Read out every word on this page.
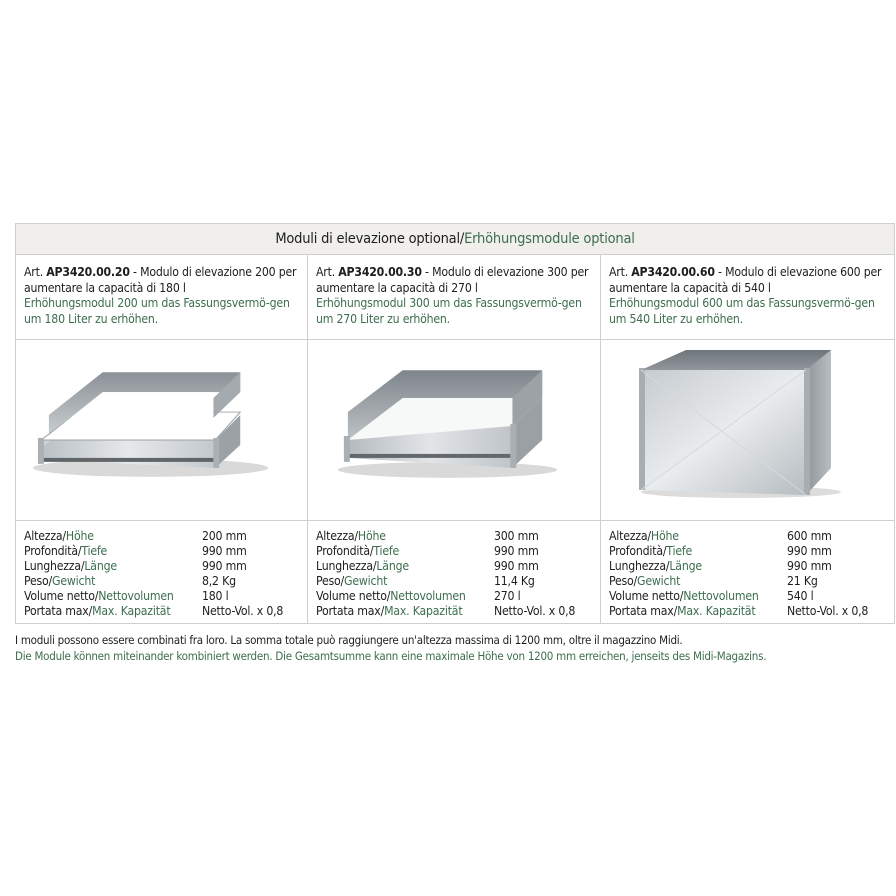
Moduli di elevazione optional/Erhöhungsmodule optional
Art. AP3420.00.20 - Modulo di elevazione 200 per aumentare la capacità di 180 l
Erhöhungsmodul 200 um das Fassungsvermö-gen um 180 Liter zu erhöhen.
Art. AP3420.00.30 - Modulo di elevazione 300 per aumentare la capacità di 270 l
Erhöhungsmodul 300 um das Fassungsvermö-gen um 270 Liter zu erhöhen.
Art. AP3420.00.60 - Modulo di elevazione 600 per aumentare la capacità di 540 l
Erhöhungsmodul 600 um das Fassungsvermö-gen um 540 Liter zu erhöhen.
Altezza/Höhe	200 mm
Profondità/Tiefe	990 mm
Lunghezza/Länge	990 mm
Peso/Gewicht	8,2 Kg
Volume netto/Nettovolumen	180 l
Portata max/Max. Kapazität	Netto-Vol. x 0,8
Altezza/Höhe	300 mm
Profondità/Tiefe	990 mm
Lunghezza/Länge	990 mm
Peso/Gewicht	11,4 Kg
Volume netto/Nettovolumen	270 l
Portata max/Max. Kapazität	Netto-Vol. x 0,8
Altezza/Höhe	600 mm
Profondità/Tiefe	990 mm
Lunghezza/Länge	990 mm
Peso/Gewicht	21 Kg
Volume netto/Nettovolumen	540 l
Portata max/Max. Kapazität	Netto-Vol. x 0,8
I moduli possono essere combinati fra loro. La somma totale può raggiungere un'altezza massima di 1200 mm, oltre il magazzino Midi.
Die Module können miteinander kombiniert werden. Die Gesamtsumme kann eine maximale Höhe von 1200 mm erreichen, jenseits des Midi-Magazins.
